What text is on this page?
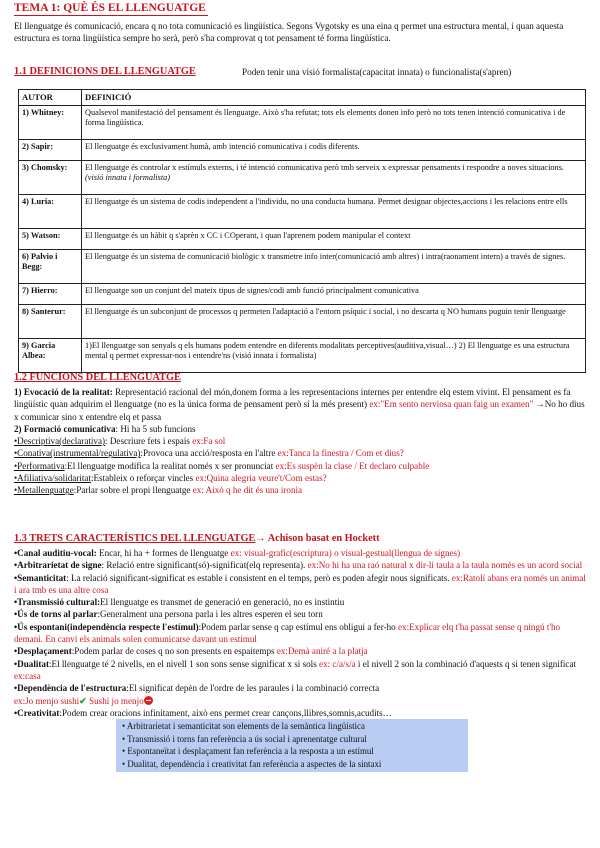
TEMA 1: QUÈ ÉS EL LLENGUATGE
El llenguatge és comunicació, encara q no tota comunicació es lingüística. Segons Vygotsky es una eina q permet una estructura mental, i quan aquesta estructura es torna lingüística sempre ho serà, però s'ha comprovat q tot pensament té forma lingüística.
1.1 DEFINICIONS DEL LLENGUATGE	Poden tenir una visió formalista(capacitat innata) o funcionalista(s'apren)
AUTOR	DEFINICIÓ
1) Whitney:	Qualsevol manifestació del pensament és llenguatge. Això s'ha refutat; tots els elements donen info però no tots tenen intenció comunicativa i de forma lingüística.
2) Sapir:	El llenguatge és exclusivament humà, amb intenció comunicativa i codis diferents.
3) Chomsky:	El llenguatge és controlar x estímuls externs, i té intenció comunicativa però tmb serveix x expressar pensaments i respondre a noves situacions. (visió innata i formalista)
4) Luria:	El llenguatge és un sistema de codis independent a l'individu, no una conducta humana. Permet designar objectes,accions i les relacions entre ells
5) Watson:	El llenguatge és un hàbit q s'aprèn x CC i COperant, i quan l'aprenem podem manipular el context
6) Palvio i Begg:	El llenguatge és un sistema de comunicació biològic x transmetre info inter(comunicació amb altres) i intra(raonament intern) a través de signes.
7) Hierro:	El llenguatge son un conjunt del mateix tipus de signes/codi amb funció principalment comunicativa
8) Santerur:	El llenguatge és un subconjunt de processos q permeten l'adaptació a l'entorn psíquic i social, i no descarta q NO humans puguin tenir llenguatge
9) Garcia Albea:	1)El llenguatge son senyals q els humans podem entendre en diferents modalitats perceptives(auditiva,visual…) 2) El llenguatge es una estructura mental q permet expressar-nos i entendre'ns (visió innata i formalista)
1.2 FUNCIONS DEL LLENGUATGE
1) Evocació de la realitat: Representació racional del món,donem forma a les representacions internes per entendre elq estem vivint. El pensament es fa lingüístic quan adquirim el llenguatge (no es la única forma de pensament però sí la més present) ex:"Em sento nerviosa quan faig un examen" →No ho dius x comunicar sino x entendre elq et passa
2) Formació comunicativa: Hi ha 5 sub funcions
•Descriptiva(declarativa): Descriure fets i espais ex:Fa sol
•Conativa(instrumental/regulativa):Provoca una acció/resposta en l'altre ex:Tanca la finestra / Com et dius?
•Performativa:El llenguatge modifica la realitat només x ser pronunciat ex:Es suspèn la clase / Et declaro culpable
•Afiliativa/solidaritat:Estableix o reforçar vincles ex:Quina alegria veure't/Com estas?
•Metallenguatge:Parlar sobre el propi llenguatge ex: Això q he dit és una ironia
1.3 TRETS CARACTERÍSTICS DEL LLENGUATGE→ Achison basat en Hockett
•Canal auditiu-vocal: Encar, hi ha + formes de llenguatge ex: visual-grafic(escriptura) o visual-gestual(llengua de signes)
•Arbitrarietat de signe: Relació entre significant(só)-significat(elq representa). ex:No hi ha una raó natural x dir-li taula a la taula només es un acord social
•Semanticitat: La relació significant-significat es estable i consistent en el temps, però es poden afegir nous significats. ex:Ratolí abans era només un animal i ara tmb es una altre cosa
•Transmissió cultural:El llenguatge es transmet de generació en generació, no es instintiu
•Ús de torns al parlar:Generalment una persona parla i les altres esperen el seu torn
•Ús espontani(independència respecte l'estímul):Podem parlar sense q cap estímul ens obligui a fer-ho ex:Explicar elq t'ha passat sense q ningú t'ho demani. En canvi els animals solen comunicarse davant un estímul
•Desplaçament:Podem parlar de coses q no son presents en espaitemps ex:Demà aniré a la platja
•Dualitat:El llenguatge té 2 nivells, en el nivell 1 son sons sense significat x si sols ex: c/a/s/a i el nivell 2 son la combinació d'aquests q si tenen significat ex:casa
•Dependència de l'estructura:El significat depèn de l'ordre de les paraules i la combinació correcta
ex:Jo menjo sushi✔ Sushi jo menjo
•Creativitat:Podem crear oracions infinitament, això ens permet crear cançons,llibres,somnis,acudits…
• Arbitrarietat i semanticitat son elements de la semàntica lingüística
• Transmissió i torns fan referència a ús social i aprenentatge cultural
• Espontaneïtat i desplaçament fan referència a la resposta a un estímul
• Dualitat, dependència i creativitat fan referència a aspectes de la sintaxi
